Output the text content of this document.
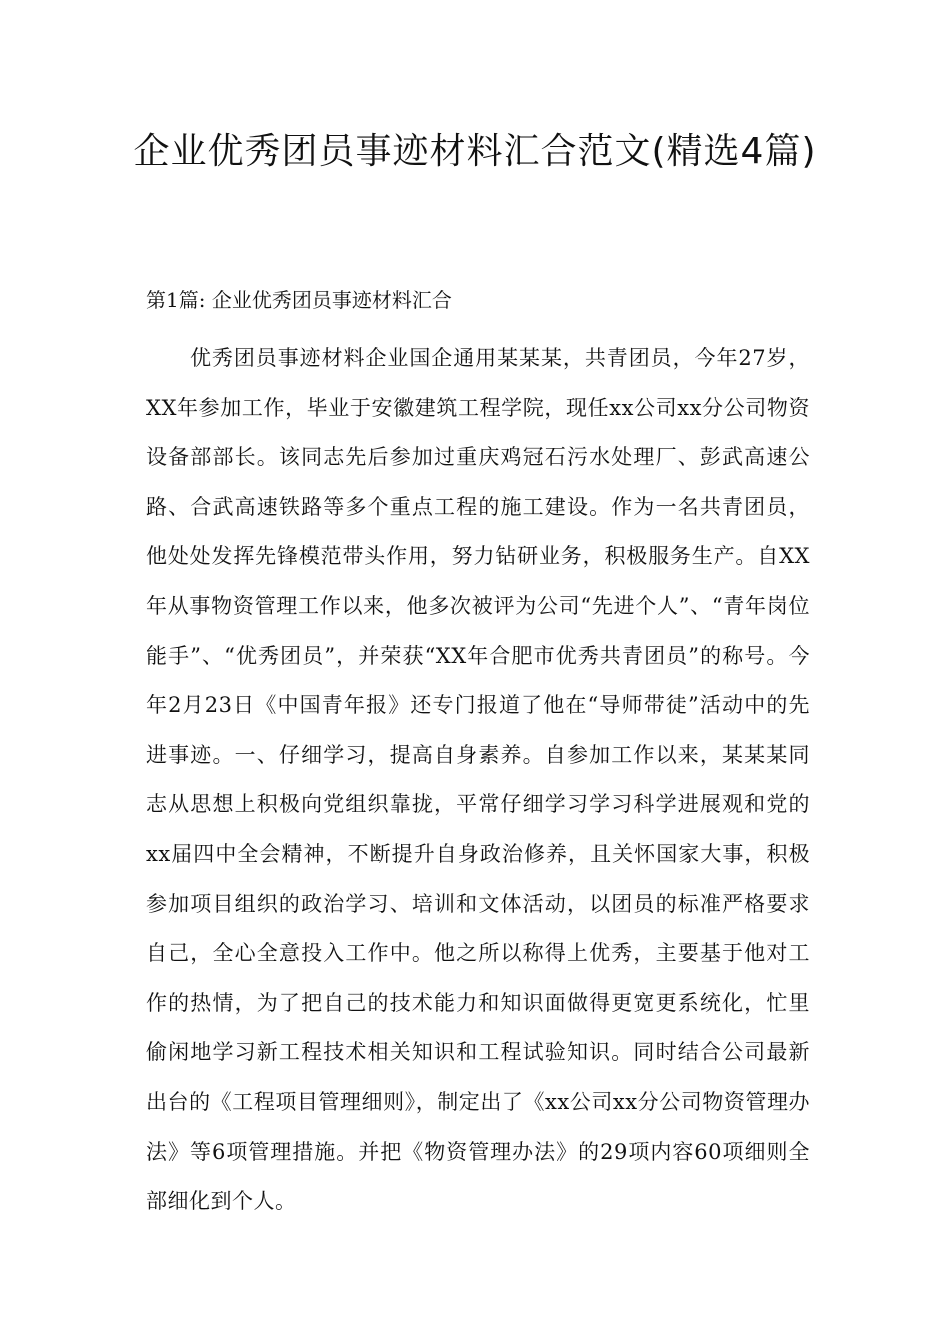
企业优秀团员事迹材料汇合范文(精选4篇)

第1篇: 企业优秀团员事迹材料汇合

优秀团员事迹材料企业国企通用某某某，共青团员，今年27岁，XX年参加工作，毕业于安徽建筑工程学院，现任xx公司xx分公司物资设备部部长。该同志先后参加过重庆鸡冠石污水处理厂、彭武高速公路、合武高速铁路等多个重点工程的施工建设。作为一名共青团员，他处处发挥先锋模范带头作用，努力钻研业务，积极服务生产。自XX年从事物资管理工作以来，他多次被评为公司“先进个人”、“青年岗位能手”、“优秀团员”，并荣获“XX年合肥市优秀共青团员”的称号。今年2月23日《中国青年报》还专门报道了他在“导师带徒”活动中的先进事迹。一、仔细学习，提高自身素养。自参加工作以来，某某某同志从思想上积极向党组织靠拢，平常仔细学习学习科学进展观和党的xx届四中全会精神，不断提升自身政治修养，且关怀国家大事，积极参加项目组织的政治学习、培训和文体活动，以团员的标准严格要求自己，全心全意投入工作中。他之所以称得上优秀，主要基于他对工作的热情，为了把自己的技术能力和知识面做得更宽更系统化，忙里偷闲地学习新工程技术相关知识和工程试验知识。同时结合公司最新出台的《工程项目管理细则》，制定出了《xx公司xx分公司物资管理办法》等6项管理措施。并把《物资管理办法》的29项内容60项细则全部细化到个人。
